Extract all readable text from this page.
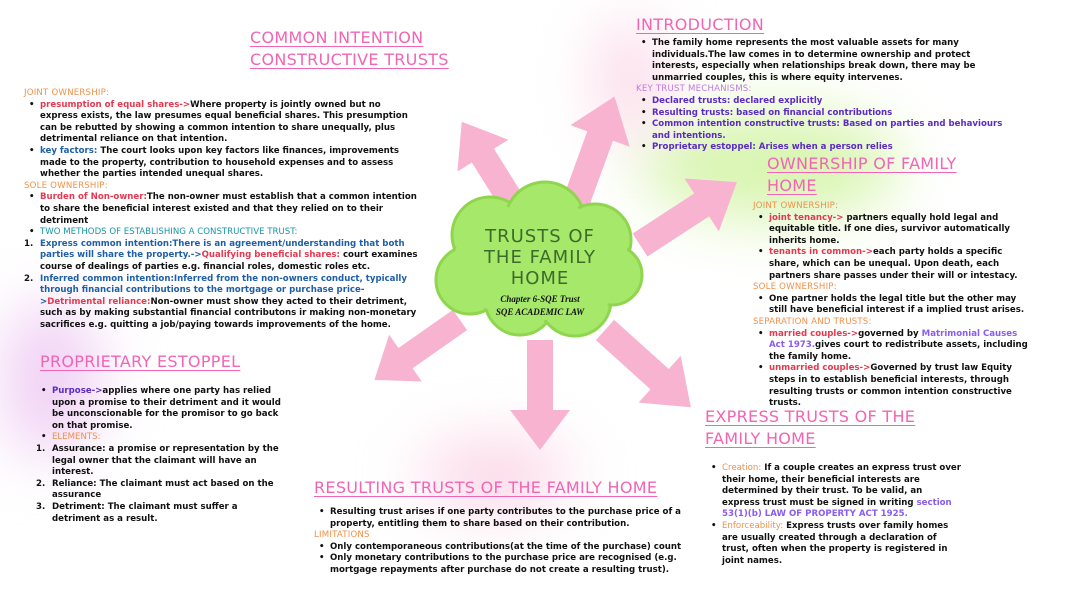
TRUSTS OF
THE FAMILY
HOME
Chapter 6-SQE Trust
SQE ACADEMIC LAW
COMMON INTENTION
CONSTRUCTIVE TRUSTS
JOINT OWNERSHIP:
• presumption of equal shares->Where property is jointly owned but no express exists, the law presumes equal beneficial shares. This presumption can be rebutted by showing a common intention to share unequally, plus detrimental reliance on that intention.
• key factors: The court looks upon key factors like finances, improvements made to the property, contribution to household expenses and to assess whether the parties intended unequal shares.
SOLE OWNERSHIP:
• Burden of Non-owner:The non-owner must establish that a common intention to share the beneficial interest existed and that they relied on to their detriment
• TWO METHODS OF ESTABLISHING A CONSTRUCTIVE TRUST:
1. Express common intention:There is an agreement/understanding that both parties will share the property.->Qualifying beneficial shares: court examines course of dealings of parties e.g. financial roles, domestic roles etc.
2. Inferred common intention:Inferred from the non-owners conduct, typically through financial contributions to the mortgage or purchase price->Detrimental reliance:Non-owner must show they acted to their detriment, such as by making substantial financial contributons ir making non-monetary sacrifices e.g. quitting a job/paying towards improvements of the home.
INTRODUCTION
• The family home represents the most valuable assets for many individuals.The law comes in to determine ownership and protect interests, especially when relationships break down, there may be unmarried couples, this is where equity intervenes.
KEY TRUST MECHANISMS:
• Declared trusts: declared explicitly
• Resulting trusts: based on financial contributions
• Common intention constructive trusts: Based on parties and behaviours and intentions.
• Proprietary estoppel: Arises when a person relies
OWNERSHIP OF FAMILY
HOME
JOINT OWNERSHIP:
• joint tenancy-> partners equally hold legal and equitable title. If one dies, survivor automatically inherits home.
• tenants in common->each party holds a specific share, which can be unequal. Upon death, each partners share passes under their will or intestacy.
SOLE OWNERSHIP:
• One partner holds the legal title but the other may still have beneficial interest if a implied trust arises.
SEPARATION AND TRUSTS:
• married couples->governed by Matrimonial Causes Act 1973.gives court to redistribute assets, including the family home.
• unmarried couples->Governed by trust law Equity steps in to establish beneficial interests, through resulting trusts or common intention constructive trusts.
PROPRIETARY ESTOPPEL
• Purpose->applies where one party has relied upon a promise to their detriment and it would be unconscionable for the promisor to go back on that promise.
• ELEMENTS:
1. Assurance: a promise or representation by the legal owner that the claimant will have an interest.
2. Reliance: The claimant must act based on the assurance
3. Detriment: The claimant must suffer a detriment as a result.
RESULTING TRUSTS OF THE FAMILY HOME
• Resulting trust arises if one party contributes to the purchase price of a property, entitling them to share based on their contribution.
LIMITATIONS
• Only contemporaneous contributions(at the time of the purchase) count
• Only monetary contributions to the purchase price are recognised (e.g. mortgage repayments after purchase do not create a resulting trust).
EXPRESS TRUSTS OF THE
FAMILY HOME
• Creation: If a couple creates an express trust over their home, their beneficial interests are determined by their trust. To be valid, an express trust must be signed in writing section 53(1)(b) LAW OF PROPERTY ACT 1925.
• Enforceability: Express trusts over family homes are usually created through a declaration of trust, often when the property is registered in joint names.
